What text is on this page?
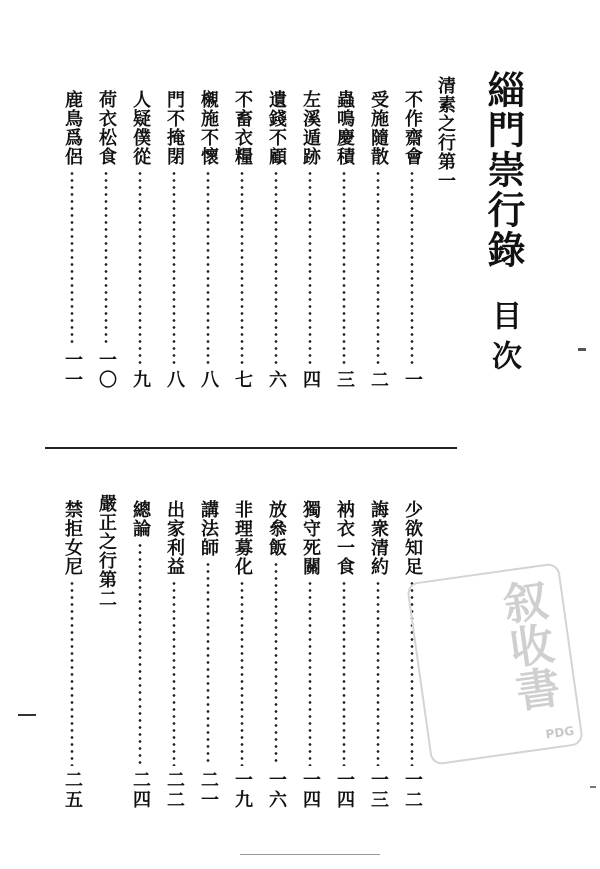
緇門崇行錄
目次
清素之行第一
不作齋會
一
受施隨散
二
蟲鳴慶積
三
左溪遁跡
四
遺錢不顧
六
不畜衣糧
七
櫬施不懷
八
門不掩閉
八
人疑僕從
九
荷衣松食
一〇
鹿鳥爲侶
一一
少欲知足
一二
誨衆清約
一三
衲衣一食
一四
獨守死關
一四
放叅飯
一六
非理募化
一九
講法師
二一
出家利益
二二
總論
二四
嚴正之行第二
禁拒女尼
二五
叙收書
PDG
